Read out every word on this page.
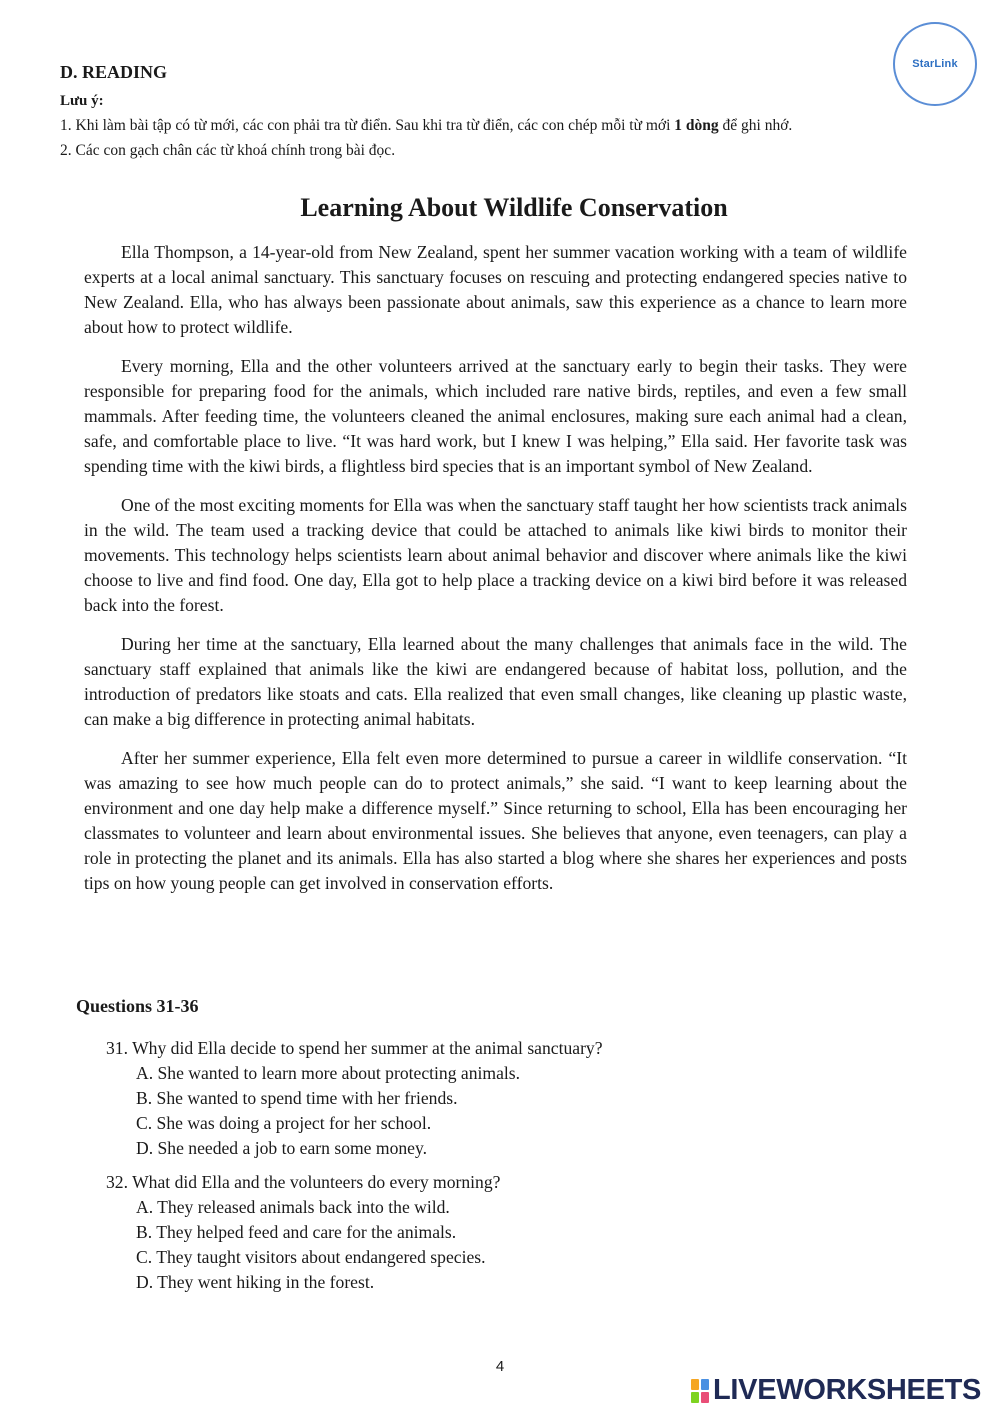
StarLink
D. READING
Lưu ý:
1. Khi làm bài tập có từ mới, các con phải tra từ điển. Sau khi tra từ điển, các con chép mỗi từ mới 1 dòng để ghi nhớ.
2. Các con gạch chân các từ khoá chính trong bài đọc.
Learning About Wildlife Conservation

Ella Thompson, a 14-year-old from New Zealand, spent her summer vacation working with a team of wildlife experts at a local animal sanctuary. This sanctuary focuses on rescuing and protecting endangered species native to New Zealand. Ella, who has always been passionate about animals, saw this experience as a chance to learn more about how to protect wildlife.

Every morning, Ella and the other volunteers arrived at the sanctuary early to begin their tasks. They were responsible for preparing food for the animals, which included rare native birds, reptiles, and even a few small mammals. After feeding time, the volunteers cleaned the animal enclosures, making sure each animal had a clean, safe, and comfortable place to live. “It was hard work, but I knew I was helping,” Ella said. Her favorite task was spending time with the kiwi birds, a flightless bird species that is an important symbol of New Zealand.

One of the most exciting moments for Ella was when the sanctuary staff taught her how scientists track animals in the wild. The team used a tracking device that could be attached to animals like kiwi birds to monitor their movements. This technology helps scientists learn about animal behavior and discover where animals like the kiwi choose to live and find food. One day, Ella got to help place a tracking device on a kiwi bird before it was released back into the forest.

During her time at the sanctuary, Ella learned about the many challenges that animals face in the wild. The sanctuary staff explained that animals like the kiwi are endangered because of habitat loss, pollution, and the introduction of predators like stoats and cats. Ella realized that even small changes, like cleaning up plastic waste, can make a big difference in protecting animal habitats.

After her summer experience, Ella felt even more determined to pursue a career in wildlife conservation. “It was amazing to see how much people can do to protect animals,” she said. “I want to keep learning about the environment and one day help make a difference myself.” Since returning to school, Ella has been encouraging her classmates to volunteer and learn about environmental issues. She believes that anyone, even teenagers, can play a role in protecting the planet and its animals. Ella has also started a blog where she shares her experiences and posts tips on how young people can get involved in conservation efforts.

Questions 31-36

31. Why did Ella decide to spend her summer at the animal sanctuary?

A. She wanted to learn more about protecting animals.

B. She wanted to spend time with her friends.

C. She was doing a project for her school.

D. She needed a job to earn some money.

32. What did Ella and the volunteers do every morning?

A. They released animals back into the wild.

B. They helped feed and care for the animals.

C. They taught visitors about endangered species.

D. They went hiking in the forest.

4
LIVEWORKSHEETS
